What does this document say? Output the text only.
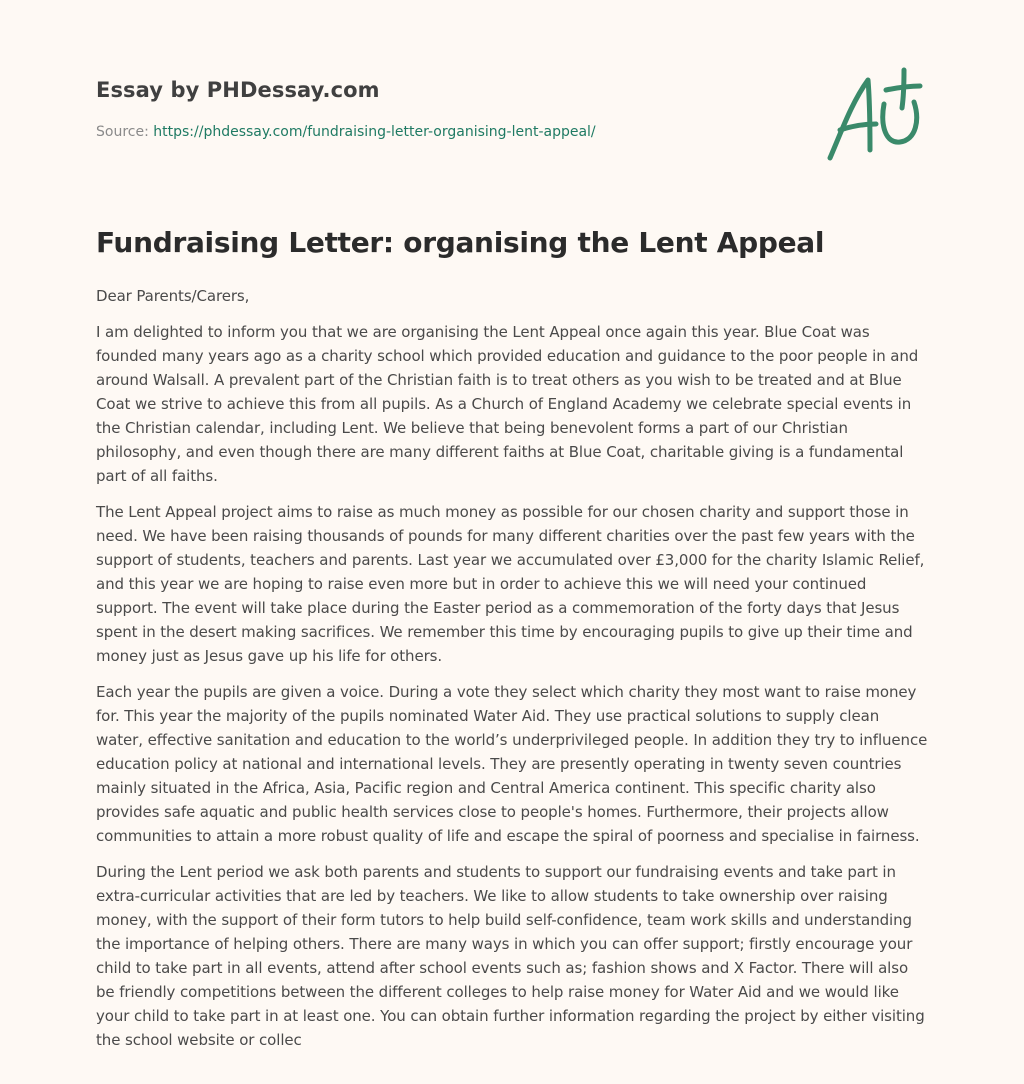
Essay by PHDessay.com
Source: https://phdessay.com/fundraising-letter-organising-lent-appeal/
Fundraising Letter: organising the Lent Appeal

Dear Parents/Carers,

I am delighted to inform you that we are organising the Lent Appeal once again this year. Blue Coat was founded many years ago as a charity school which provided education and guidance to the poor people in and around Walsall. A prevalent part of the Christian faith is to treat others as you wish to be treated and at Blue Coat we strive to achieve this from all pupils. As a Church of England Academy we celebrate special events in the Christian calendar, including Lent. We believe that being benevolent forms a part of our Christian philosophy, and even though there are many different faiths at Blue Coat, charitable giving is a fundamental part of all faiths.

The Lent Appeal project aims to raise as much money as possible for our chosen charity and support those in need. We have been raising thousands of pounds for many different charities over the past few years with the support of students, teachers and parents. Last year we accumulated over £3,000 for the charity Islamic Relief, and this year we are hoping to raise even more but in order to achieve this we will need your continued support. The event will take place during the Easter period as a commemoration of the forty days that Jesus spent in the desert making sacrifices. We remember this time by encouraging pupils to give up their time and money just as Jesus gave up his life for others.

Each year the pupils are given a voice. During a vote they select which charity they most want to raise money for. This year the majority of the pupils nominated Water Aid. They use practical solutions to supply clean water, effective sanitation and education to the world’s underprivileged people. In addition they try to influence education policy at national and international levels. They are presently operating in twenty seven countries mainly situated in the Africa, Asia, Pacific region and Central America continent. This specific charity also provides safe aquatic and public health services close to people's homes. Furthermore, their projects allow communities to attain a more robust quality of life and escape the spiral of poorness and specialise in fairness.

During the Lent period we ask both parents and students to support our fundraising events and take part in extra-curricular activities that are led by teachers. We like to allow students to take ownership over raising money, with the support of their form tutors to help build self-confidence, team work skills and understanding the importance of helping others. There are many ways in which you can offer support; firstly encourage your child to take part in all events, attend after school events such as; fashion shows and X Factor. There will also be friendly competitions between the different colleges to help raise money for Water Aid and we would like your child to take part in at least one. You can obtain further information regarding the project by either visiting the school website or collec
